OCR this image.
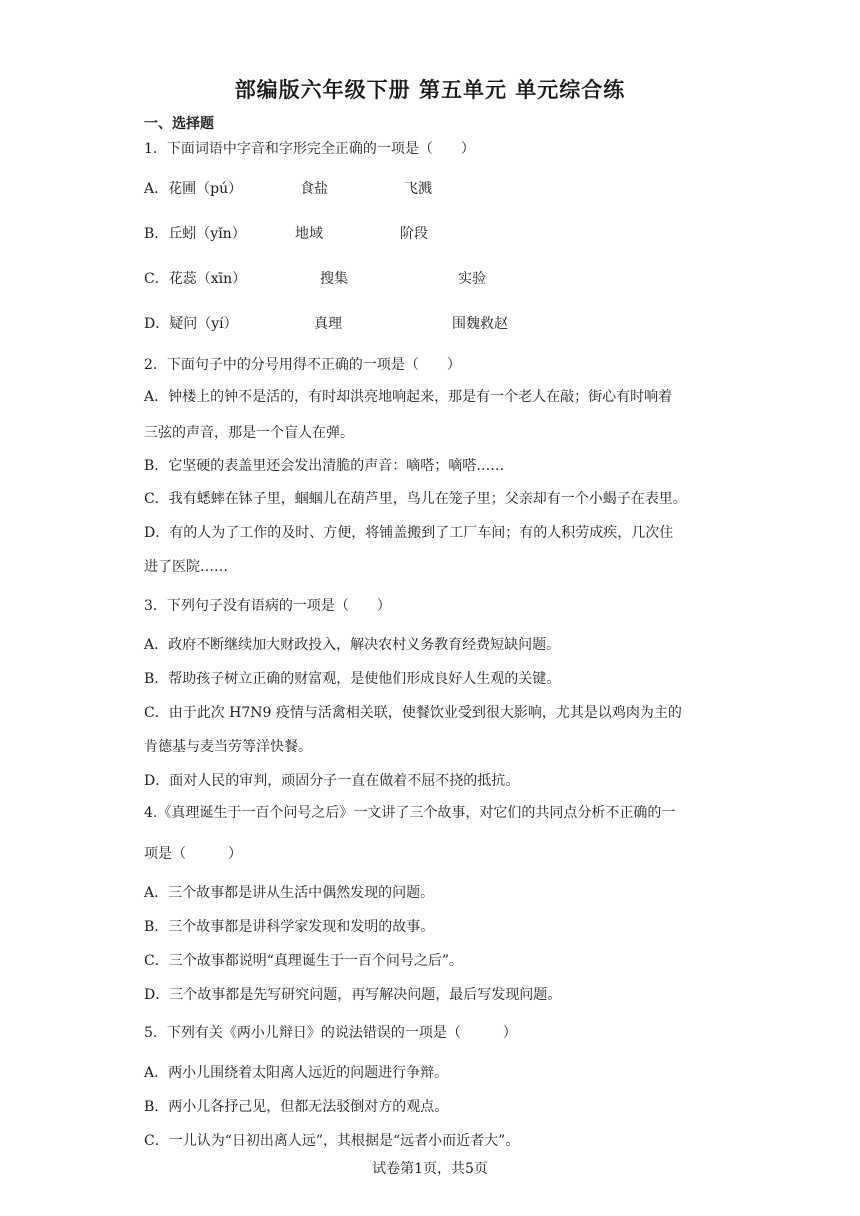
部编版六年级下册 第五单元 单元综合练
一、选择题
1．下面词语中字音和字形完全正确的一项是（　　）
A．花圃（pú）	食盐	飞溅
B．丘蚓（yǐn）	地域	阶段
C．花蕊（xīn）	搜集	实验
D．疑问（yí）	真理	围魏救赵
2．下面句子中的分号用得不正确的一项是（　　）
A．钟楼上的钟不是活的，有时却洪亮地响起来，那是有一个老人在敲；街心有时响着
三弦的声音，那是一个盲人在弹。
B．它坚硬的表盖里还会发出清脆的声音：嘀嗒；嘀嗒……
C．我有蟋蟀在钵子里，蝈蝈儿在葫芦里，鸟儿在笼子里；父亲却有一个小蝎子在表里。
D．有的人为了工作的及时、方便，将铺盖搬到了工厂车间；有的人积劳成疾，几次住
进了医院……
3．下列句子没有语病的一项是（　　）
A．政府不断继续加大财政投入，解决农村义务教育经费短缺问题。
B．帮助孩子树立正确的财富观，是使他们形成良好人生观的关键。
C．由于此次 H7N9 疫情与活禽相关联，使餐饮业受到很大影响，尤其是以鸡肉为主的
肯德基与麦当劳等洋快餐。
D．面对人民的审判，顽固分子一直在做着不屈不挠的抵抗。
4.《真理诞生于一百个问号之后》一文讲了三个故事，对它们的共同点分析不正确的一
项是（　　　）
A．三个故事都是讲从生活中偶然发现的问题。
B．三个故事都是讲科学家发现和发明的故事。
C．三个故事都说明“真理诞生于一百个问号之后”。
D．三个故事都是先写研究问题，再写解决问题，最后写发现问题。
5．下列有关《两小儿辩日》的说法错误的一项是（　　　）
A．两小儿围绕着太阳离人远近的问题进行争辩。
B．两小儿各抒己见，但都无法驳倒对方的观点。
C．一儿认为“日初出离人远”，其根据是“远者小而近者大”。
试卷第1页，共5页
